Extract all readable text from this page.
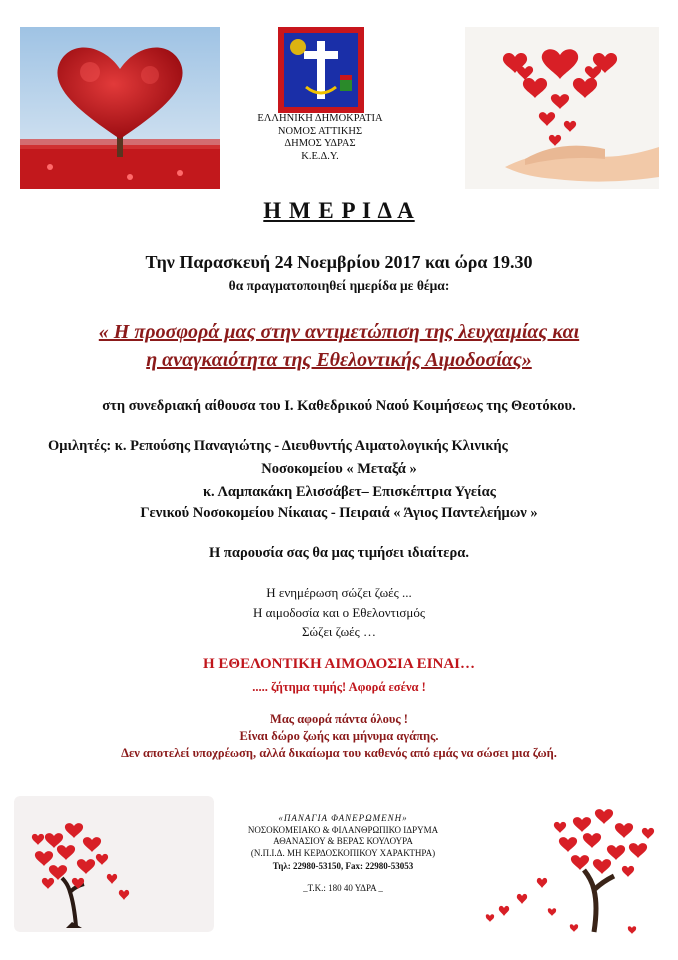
ΕΛΛΗΝΙΚΗ ΔΗΜΟΚΡΑΤΙΑ
ΝΟΜΟΣ ΑΤΤΙΚΗΣ
ΔΗΜΟΣ ΥΔΡΑΣ
Κ.Ε.Δ.Υ.
Η Μ Ε Ρ Ι Δ Α
Την Παρασκευή 24 Νοεμβρίου 2017 και ώρα 19.30
θα πραγματοποιηθεί ημερίδα με θέμα:
« Η προσφορά μας στην αντιμετώπιση της λευχαιμίας και
η αναγκαιότητα της Εθελοντικής Αιμοδοσίας»
στη συνεδριακή αίθουσα του Ι. Καθεδρικού Ναού Κοιμήσεως της Θεοτόκου.
Ομιλητές: κ. Ρεπούσης Παναγιώτης - Διευθυντής Αιματολογικής Κλινικής
Νοσοκομείου « Μεταξά »
κ. Λαμπακάκη Ελισσάβετ– Επισκέπτρια Υγείας
Γενικού Νοσοκομείου Νίκαιας - Πειραιά « Άγιος Παντελεήμων »
Η παρουσία σας θα μας τιμήσει ιδιαίτερα.
Η ενημέρωση σώζει ζωές ...
Η αιμοδοσία και ο Εθελοντισμός
Σώζει ζωές …
Η ΕΘΕΛΟΝΤΙΚΗ ΑΙΜΟΔΟΣΙΑ ΕΙΝΑΙ…
..... ζήτημα τιμής! Αφορά εσένα !
Μας αφορά πάντα όλους !
Είναι δώρο ζωής και μήνυμα αγάπης.
Δεν αποτελεί υποχρέωση, αλλά δικαίωμα του καθενός από εμάς να σώσει μια ζωή.
«ΠΑΝΑΓΙΑ ΦΑΝΕΡΩΜΕΝΗ»
ΝΟΣΟΚΟΜΕΙΑΚΟ & ΦΙΛΑΝΘΡΩΠΙΚΟ ΙΔΡΥΜΑ
ΑΘΑΝΑΣΙΟΥ & ΒΕΡΑΣ ΚΟΥΛΟΥΡΑ
(Ν.Π.Ι.Δ. ΜΗ ΚΕΡΔΟΣΚΟΠΙΚΟΥ ΧΑΡΑΚΤΗΡΑ)
Τηλ: 22980-53150, Fax: 22980-53053
_Τ.Κ.: 180 40 ΥΔΡΑ _
